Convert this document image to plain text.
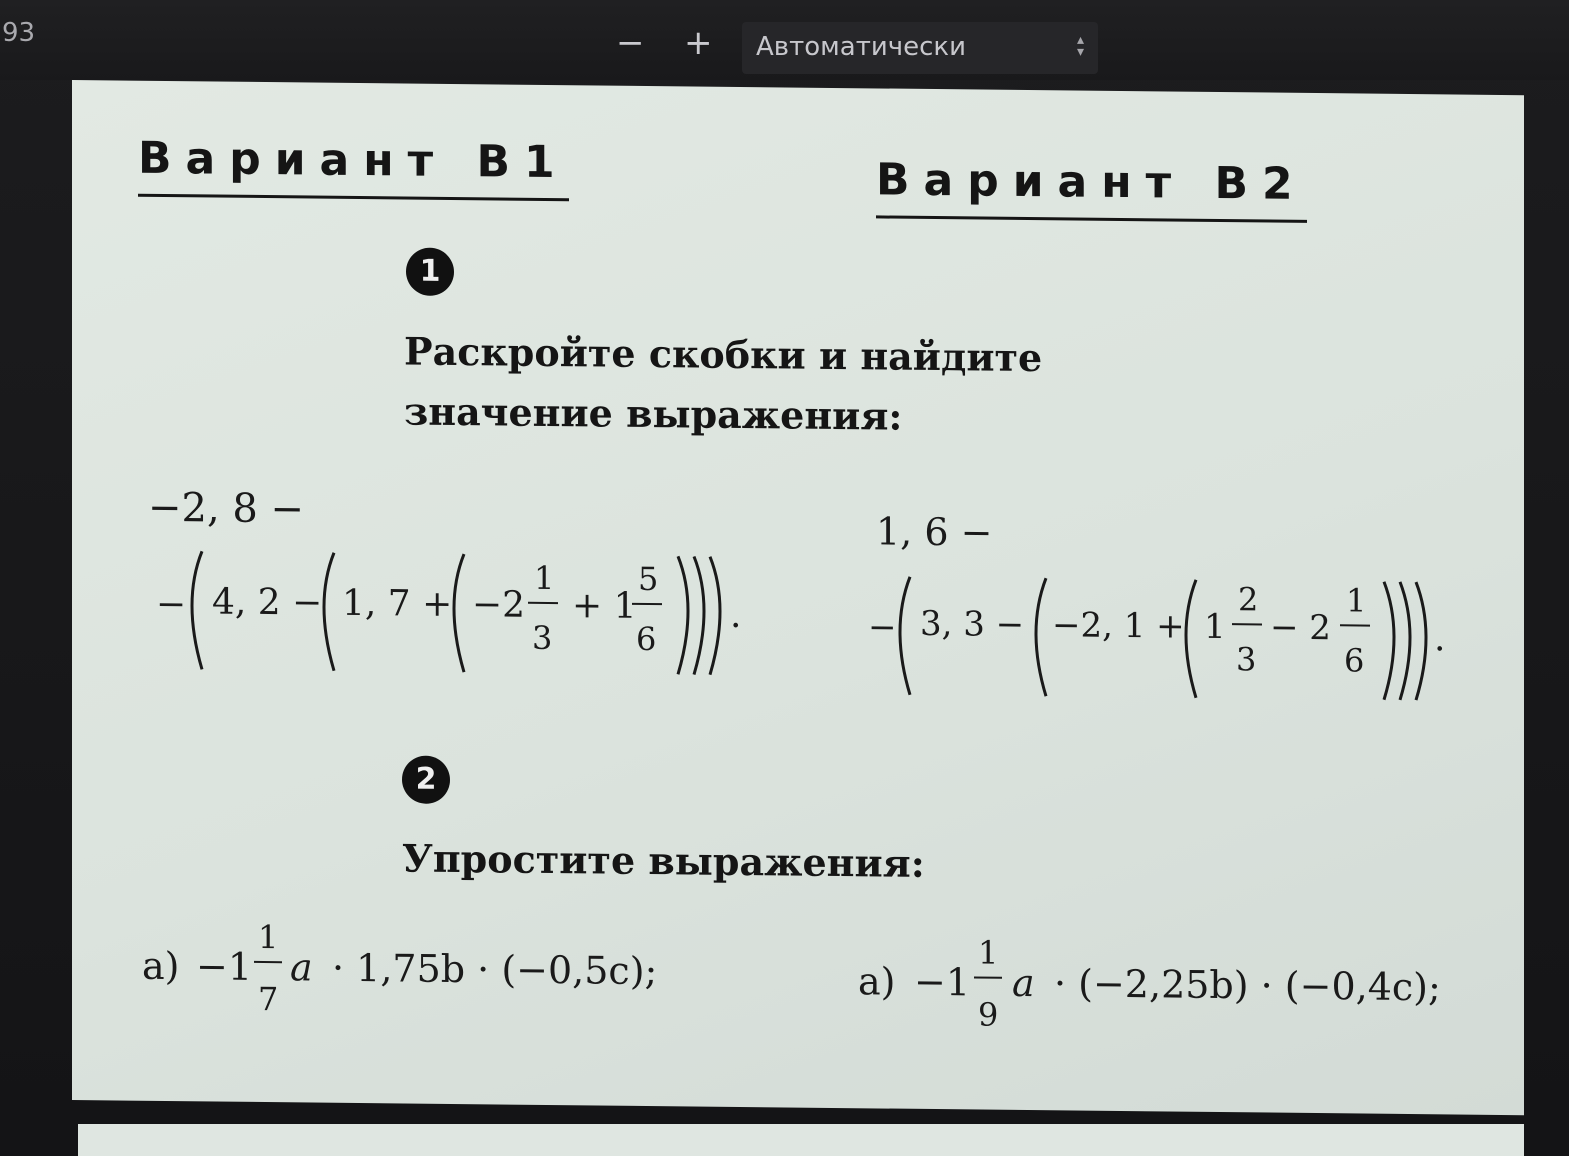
93	− + Автоматически	▴
▾
Вариант В1	Вариант В2
1
Раскройте скобки и найдите
значение выражения:
2
Упростите выражения:
−2, 8 −
− 4, 2 − 1, 7 + −2
1
3
+ 1
5
6
.
1, 6 −
− 3, 3 − −2, 1 + 1
2
3
− 2
1
6
.
а) −1
1
7
a · 1,75b · (−0,5c);	а) −1
1
9
a · (−2,25b) · (−0,4c);
